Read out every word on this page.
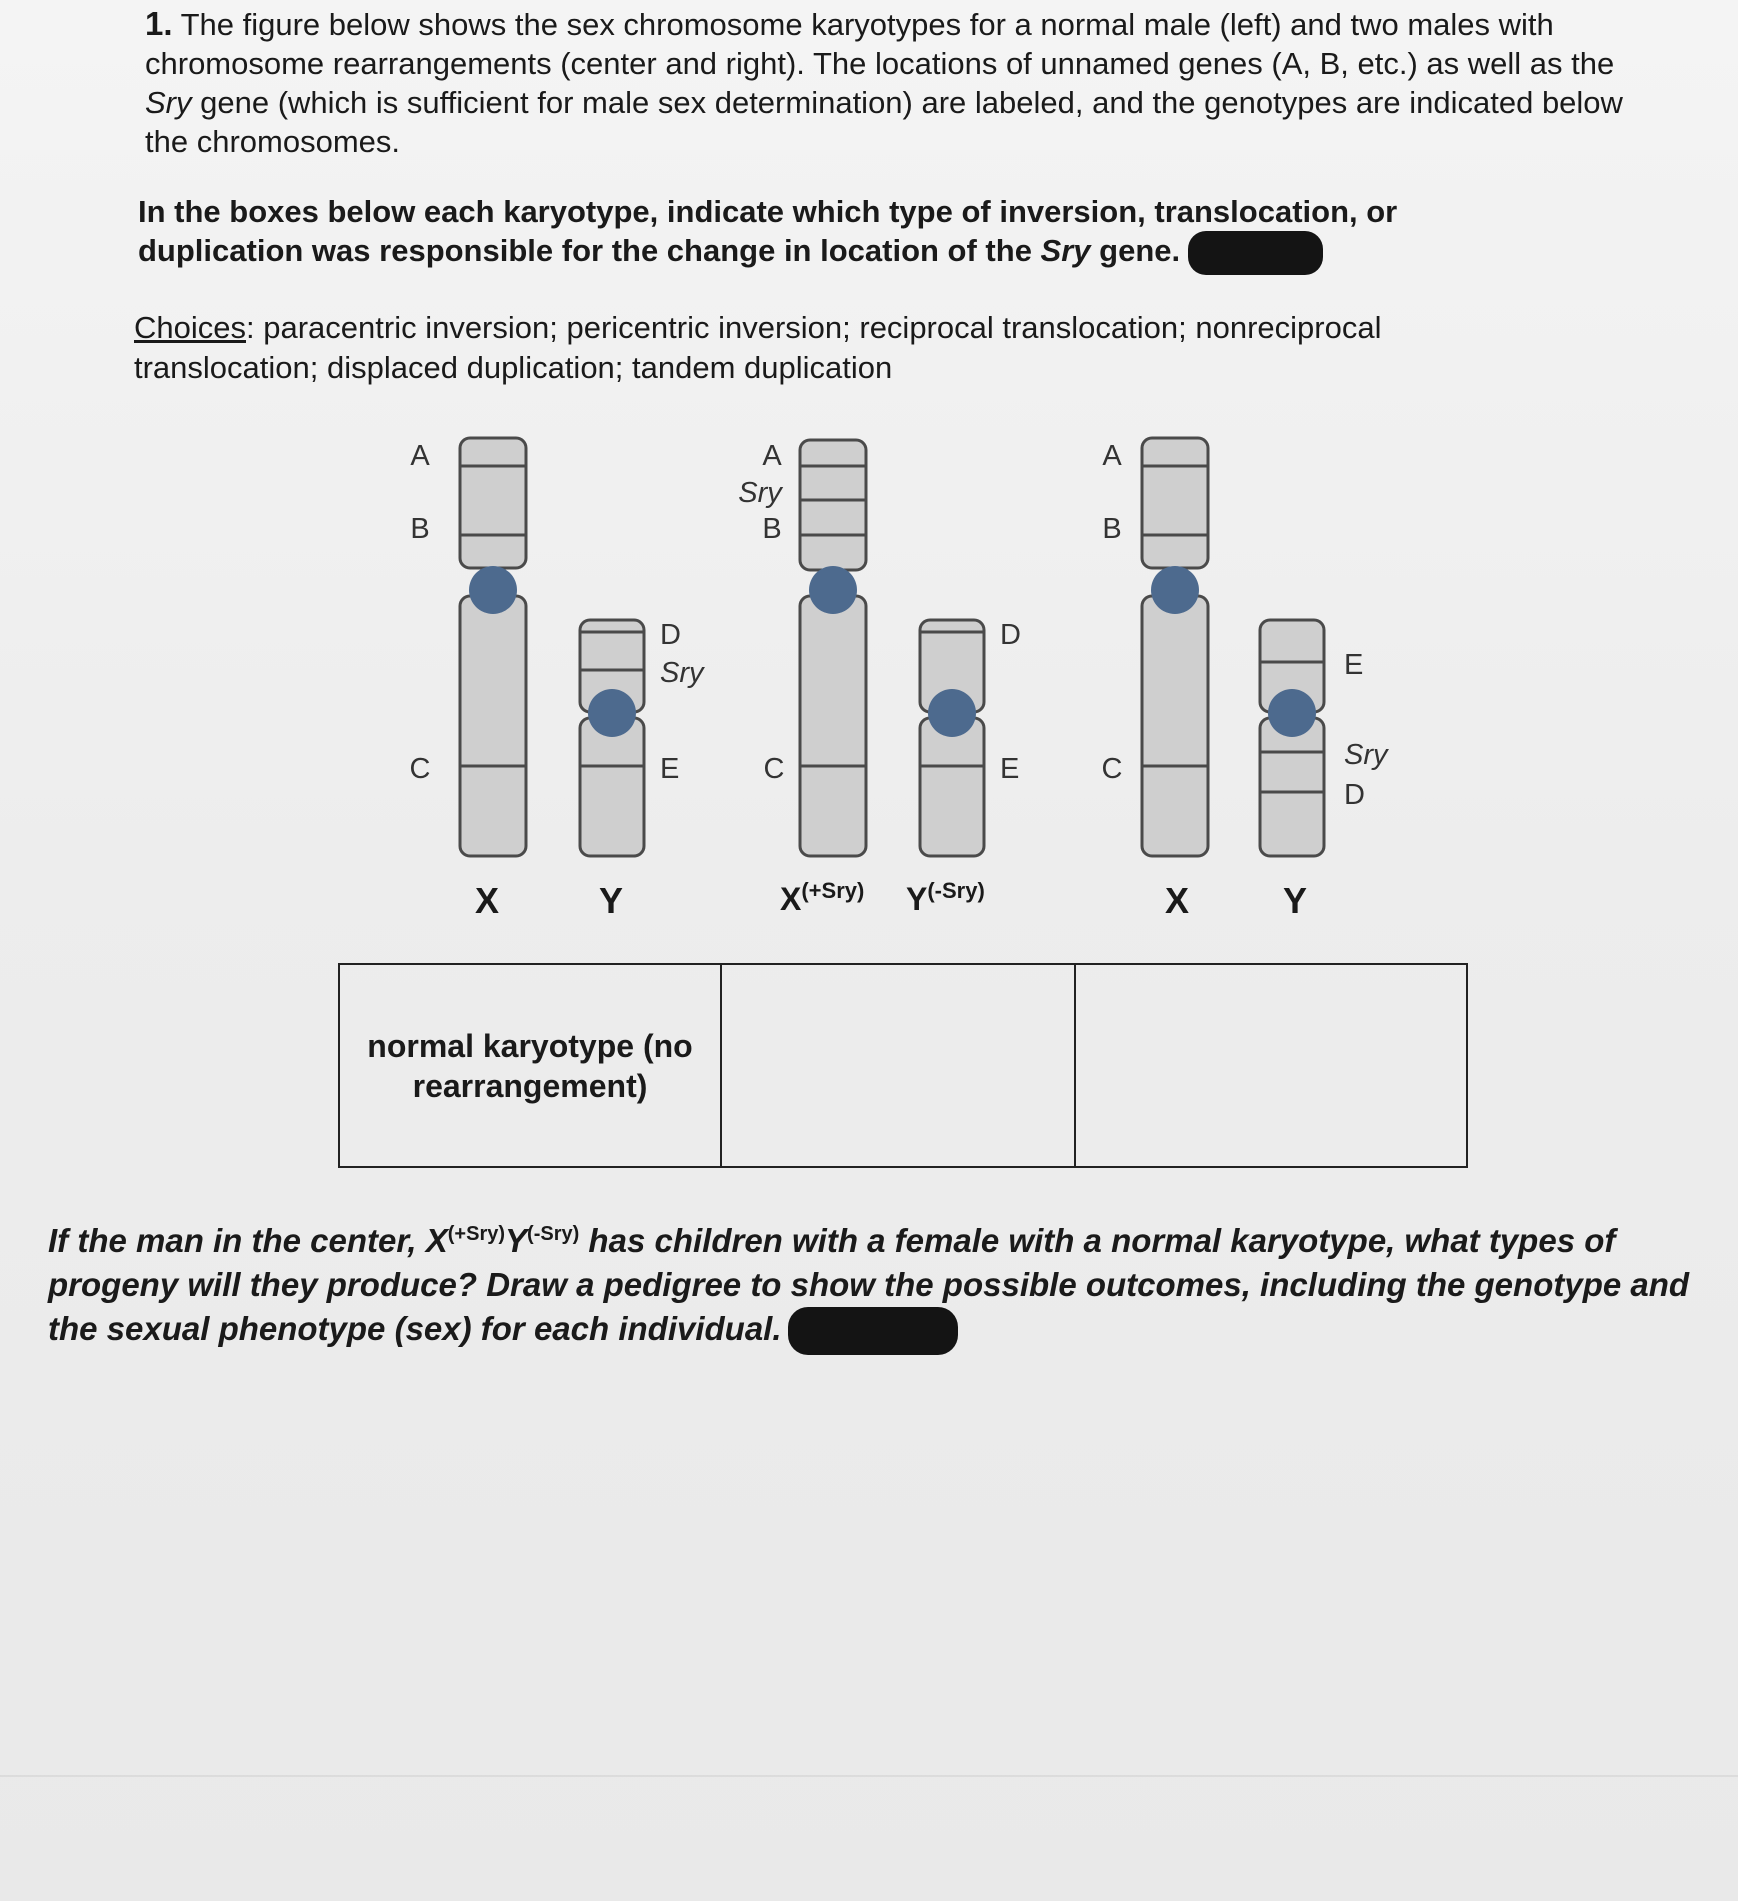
1. The figure below shows the sex chromosome karyotypes for a normal male (left) and two males with chromosome rearrangements (center and right). The locations of unnamed genes (A, B, etc.) as well as the Sry gene (which is sufficient for male sex determination) are labeled, and the genotypes are indicated below the chromosomes.
In the boxes below each karyotype, indicate which type of inversion, translocation, or duplication was responsible for the change in location of the Sry gene.
Choices: paracentric inversion; pericentric inversion; reciprocal translocation; nonreciprocal translocation; displaced duplication; tandem duplication
A
B
C
D
Sry
E
X	Y
A
Sry
B
C
D
E
$X^{(+Sry)}$ $Y^{(-Sry)}$
A
B
C
E
Sry
D
X	Y
normal karyotype (no rearrangement)
If the man in the center, $X^{(+Sry)}Y^{(-Sry)}$ has children with a female with a normal karyotype, what types of progeny will they produce? Draw a pedigree to show the possible outcomes, including the genotype and the sexual phenotype (sex) for each individual.
